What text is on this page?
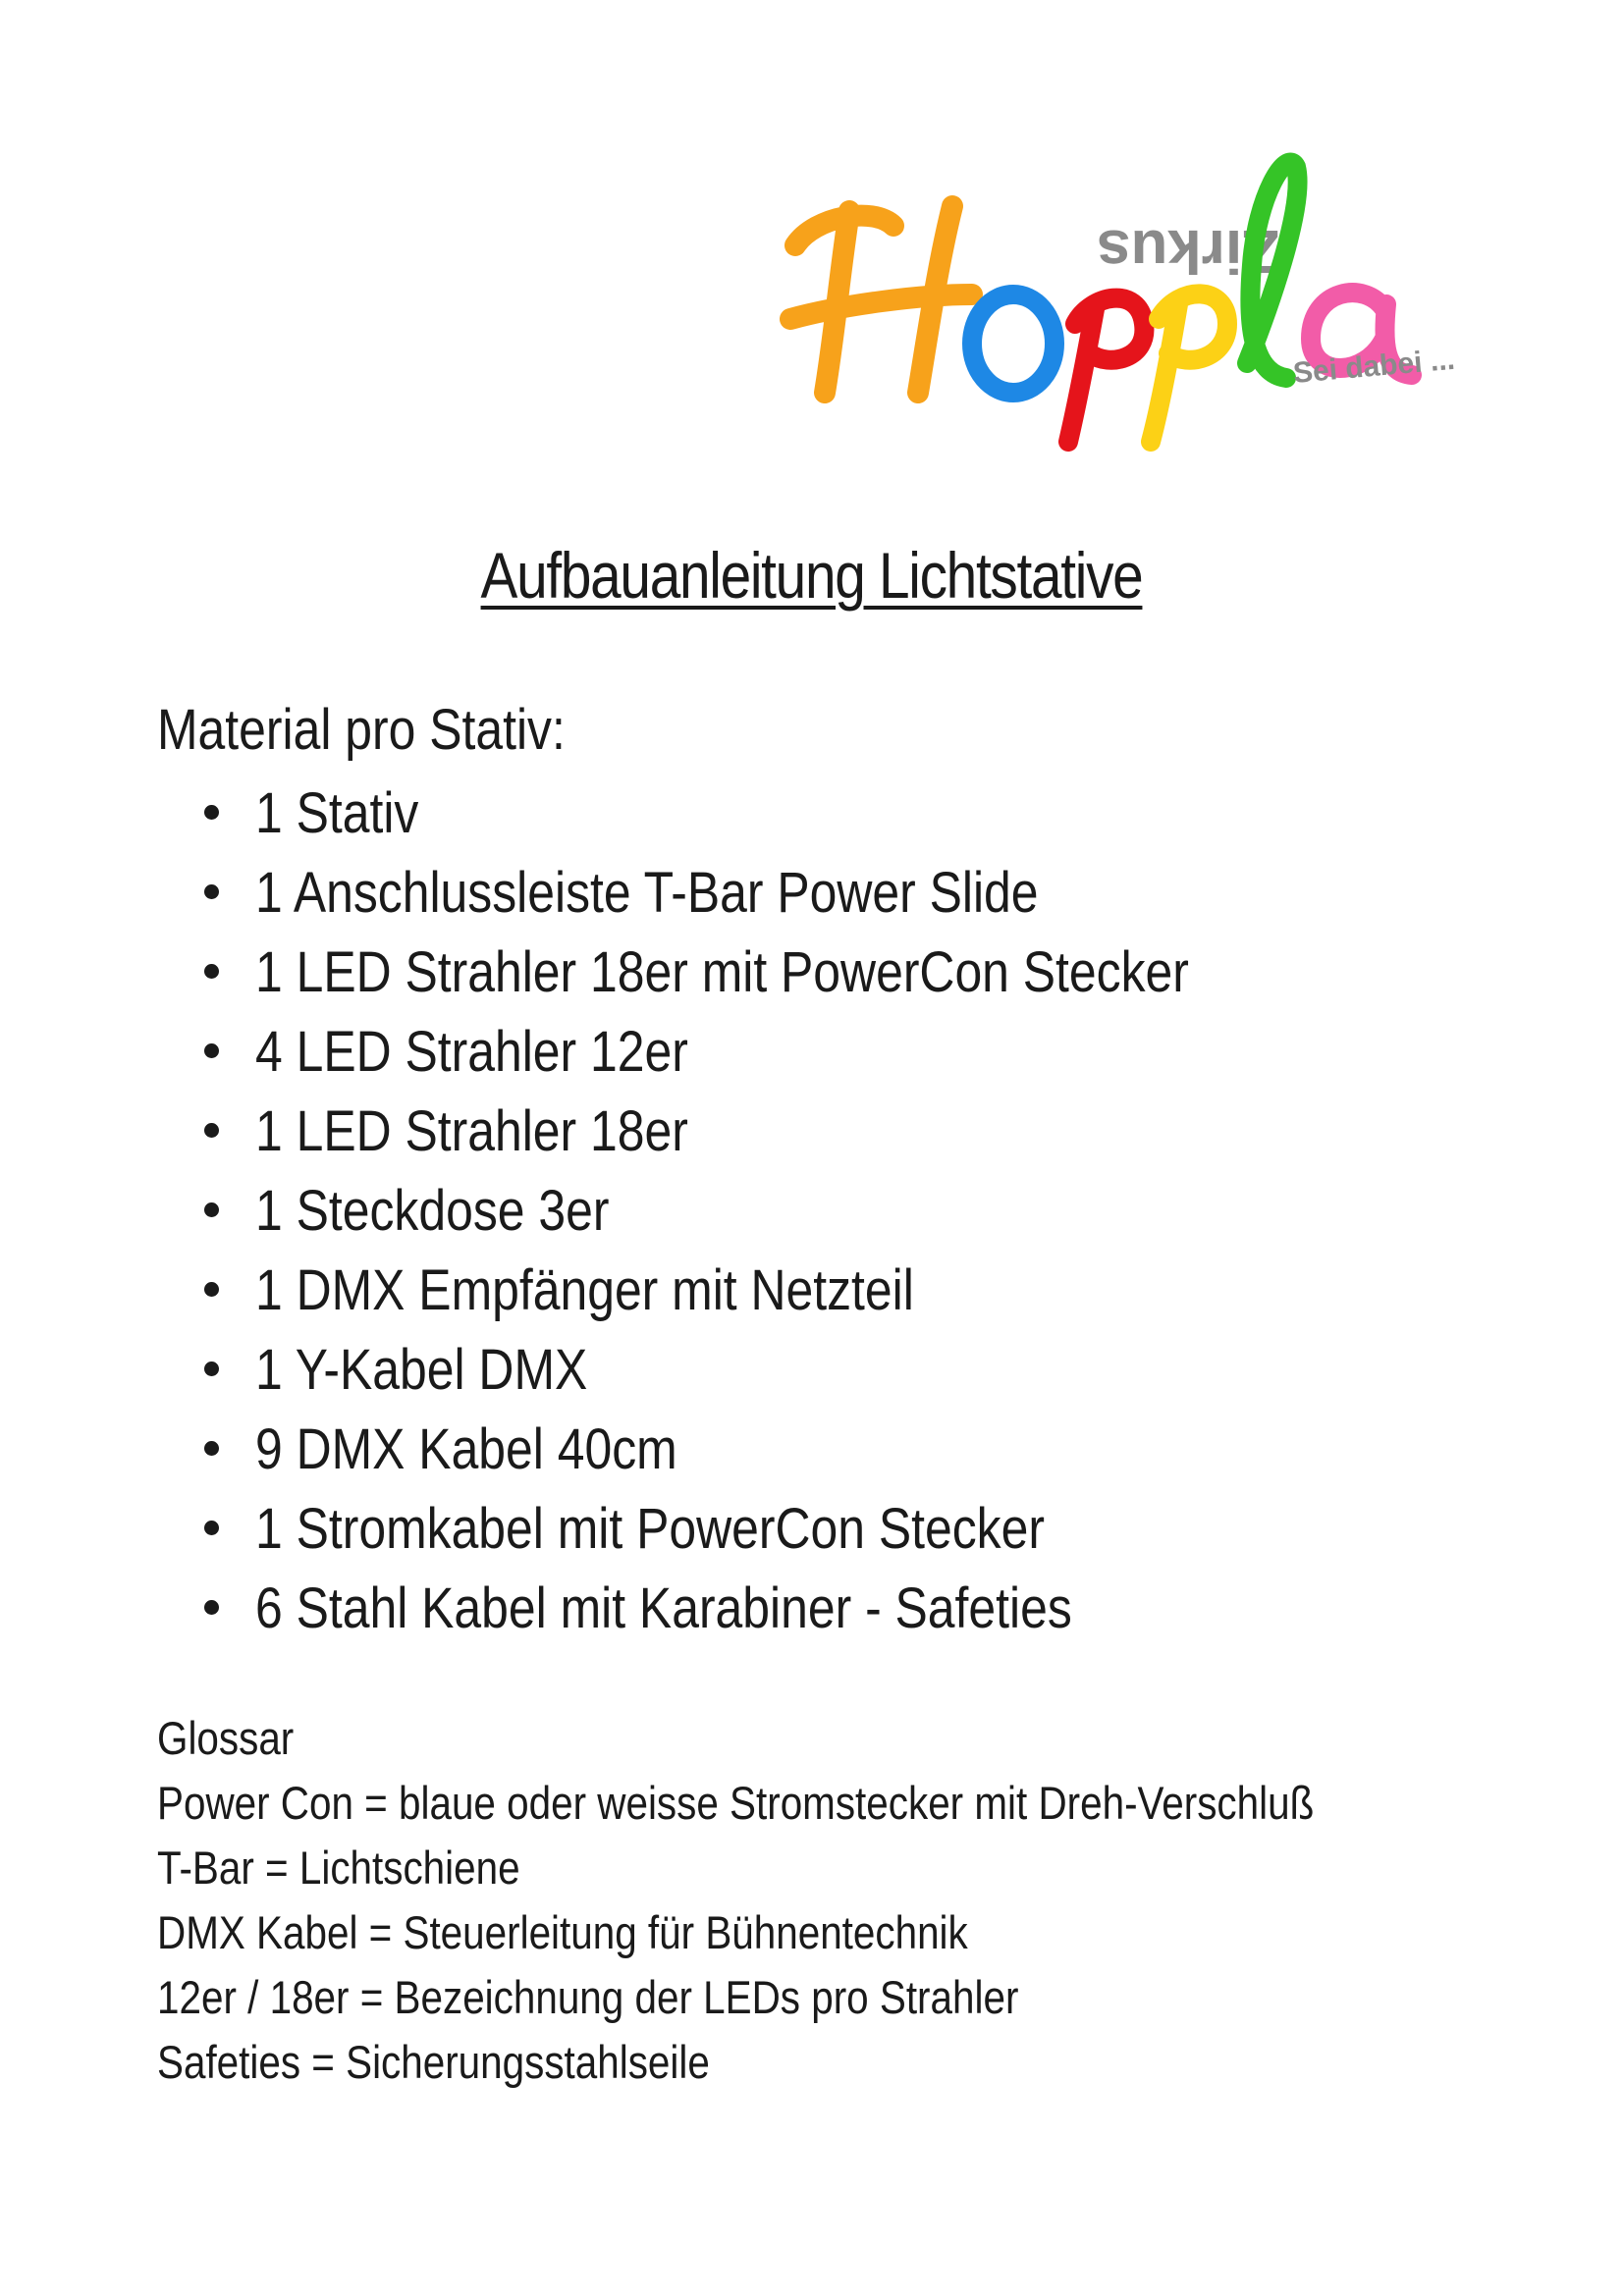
Zirkus
Sei dabei ...
Aufbauanleitung Lichtstative
Material pro Stativ:
1 Stativ
1 Anschlussleiste T-Bar Power Slide
1 LED Strahler 18er mit PowerCon Stecker
4 LED Strahler 12er
1 LED Strahler 18er
1 Steckdose 3er
1 DMX Empfänger mit Netzteil
1 Y-Kabel DMX
9 DMX Kabel 40cm
1 Stromkabel mit PowerCon Stecker
6 Stahl Kabel mit Karabiner - Safeties
Glossar
Power Con = blaue oder weisse Stromstecker mit Dreh-Verschluß
T-Bar = Lichtschiene
DMX Kabel = Steuerleitung für Bühnentechnik
12er / 18er = Bezeichnung der LEDs pro Strahler
Safeties = Sicherungsstahlseile
